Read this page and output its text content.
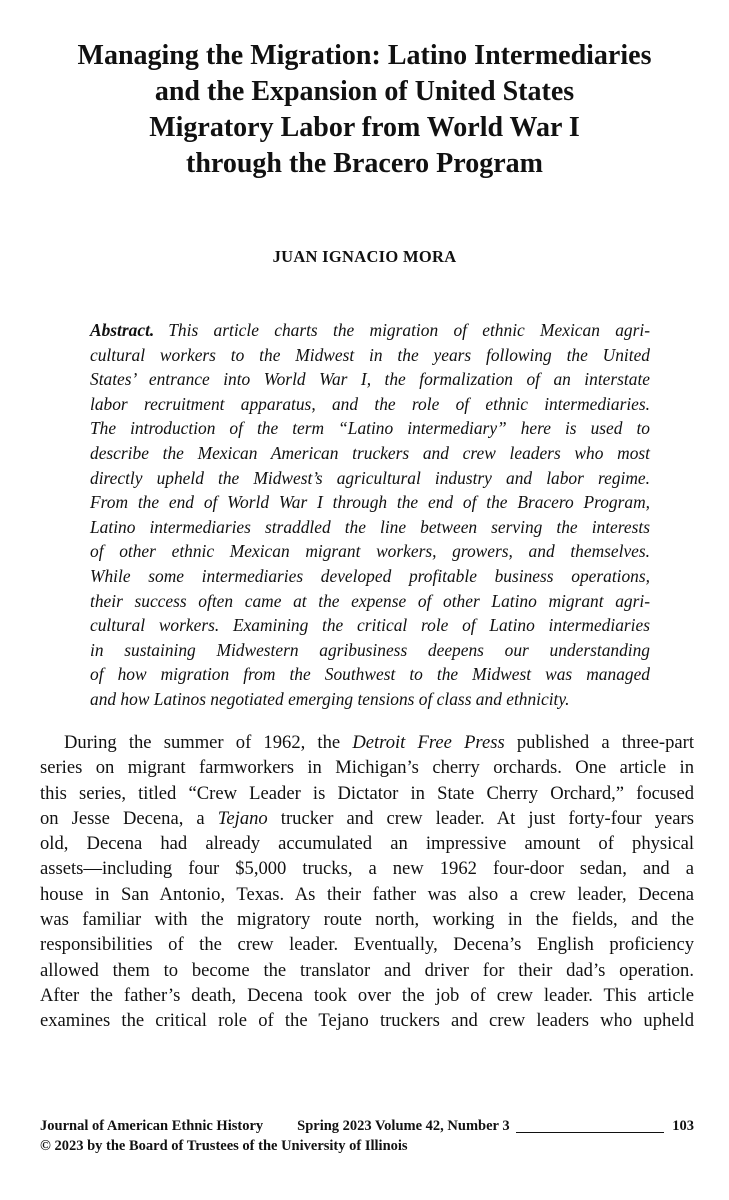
Managing the Migration: Latino Intermediaries
and the Expansion of United States
Migratory Labor from World War I
through the Bracero Program

JUAN IGNACIO MORA

Abstract. This article charts the migration of ethnic Mexican agri-
cultural workers to the Midwest in the years following the United
States’ entrance into World War I, the formalization of an interstate
labor recruitment apparatus, and the role of ethnic intermediaries.
The introduction of the term “Latino intermediary” here is used to
describe the Mexican American truckers and crew leaders who most
directly upheld the Midwest’s agricultural industry and labor regime.
From the end of World War I through the end of the Bracero Program,
Latino intermediaries straddled the line between serving the interests
of other ethnic Mexican migrant workers, growers, and themselves.
While some intermediaries developed profitable business operations,
their success often came at the expense of other Latino migrant agri-
cultural workers. Examining the critical role of Latino intermediaries
in sustaining Midwestern agribusiness deepens our understanding
of how migration from the Southwest to the Midwest was managed
and how Latinos negotiated emerging tensions of class and ethnicity.

During the summer of 1962, the Detroit Free Press published a three-part
series on migrant farmworkers in Michigan’s cherry orchards. One article in
this series, titled “Crew Leader is Dictator in State Cherry Orchard,” focused
on Jesse Decena, a Tejano trucker and crew leader. At just forty-four years
old, Decena had already accumulated an impressive amount of physical
assets—including four $5,000 trucks, a new 1962 four-door sedan, and a
house in San Antonio, Texas. As their father was also a crew leader, Decena
was familiar with the migratory route north, working in the fields, and the
responsibilities of the crew leader. Eventually, Decena’s English proficiency
allowed them to become the translator and driver for their dad’s operation.
After the father’s death, Decena took over the job of crew leader. This article
examines the critical role of the Tejano truckers and crew leaders who upheld

Journal of American Ethnic History Spring 2023 Volume 42, Number 3	103
© 2023 by the Board of Trustees of the University of Illinois
